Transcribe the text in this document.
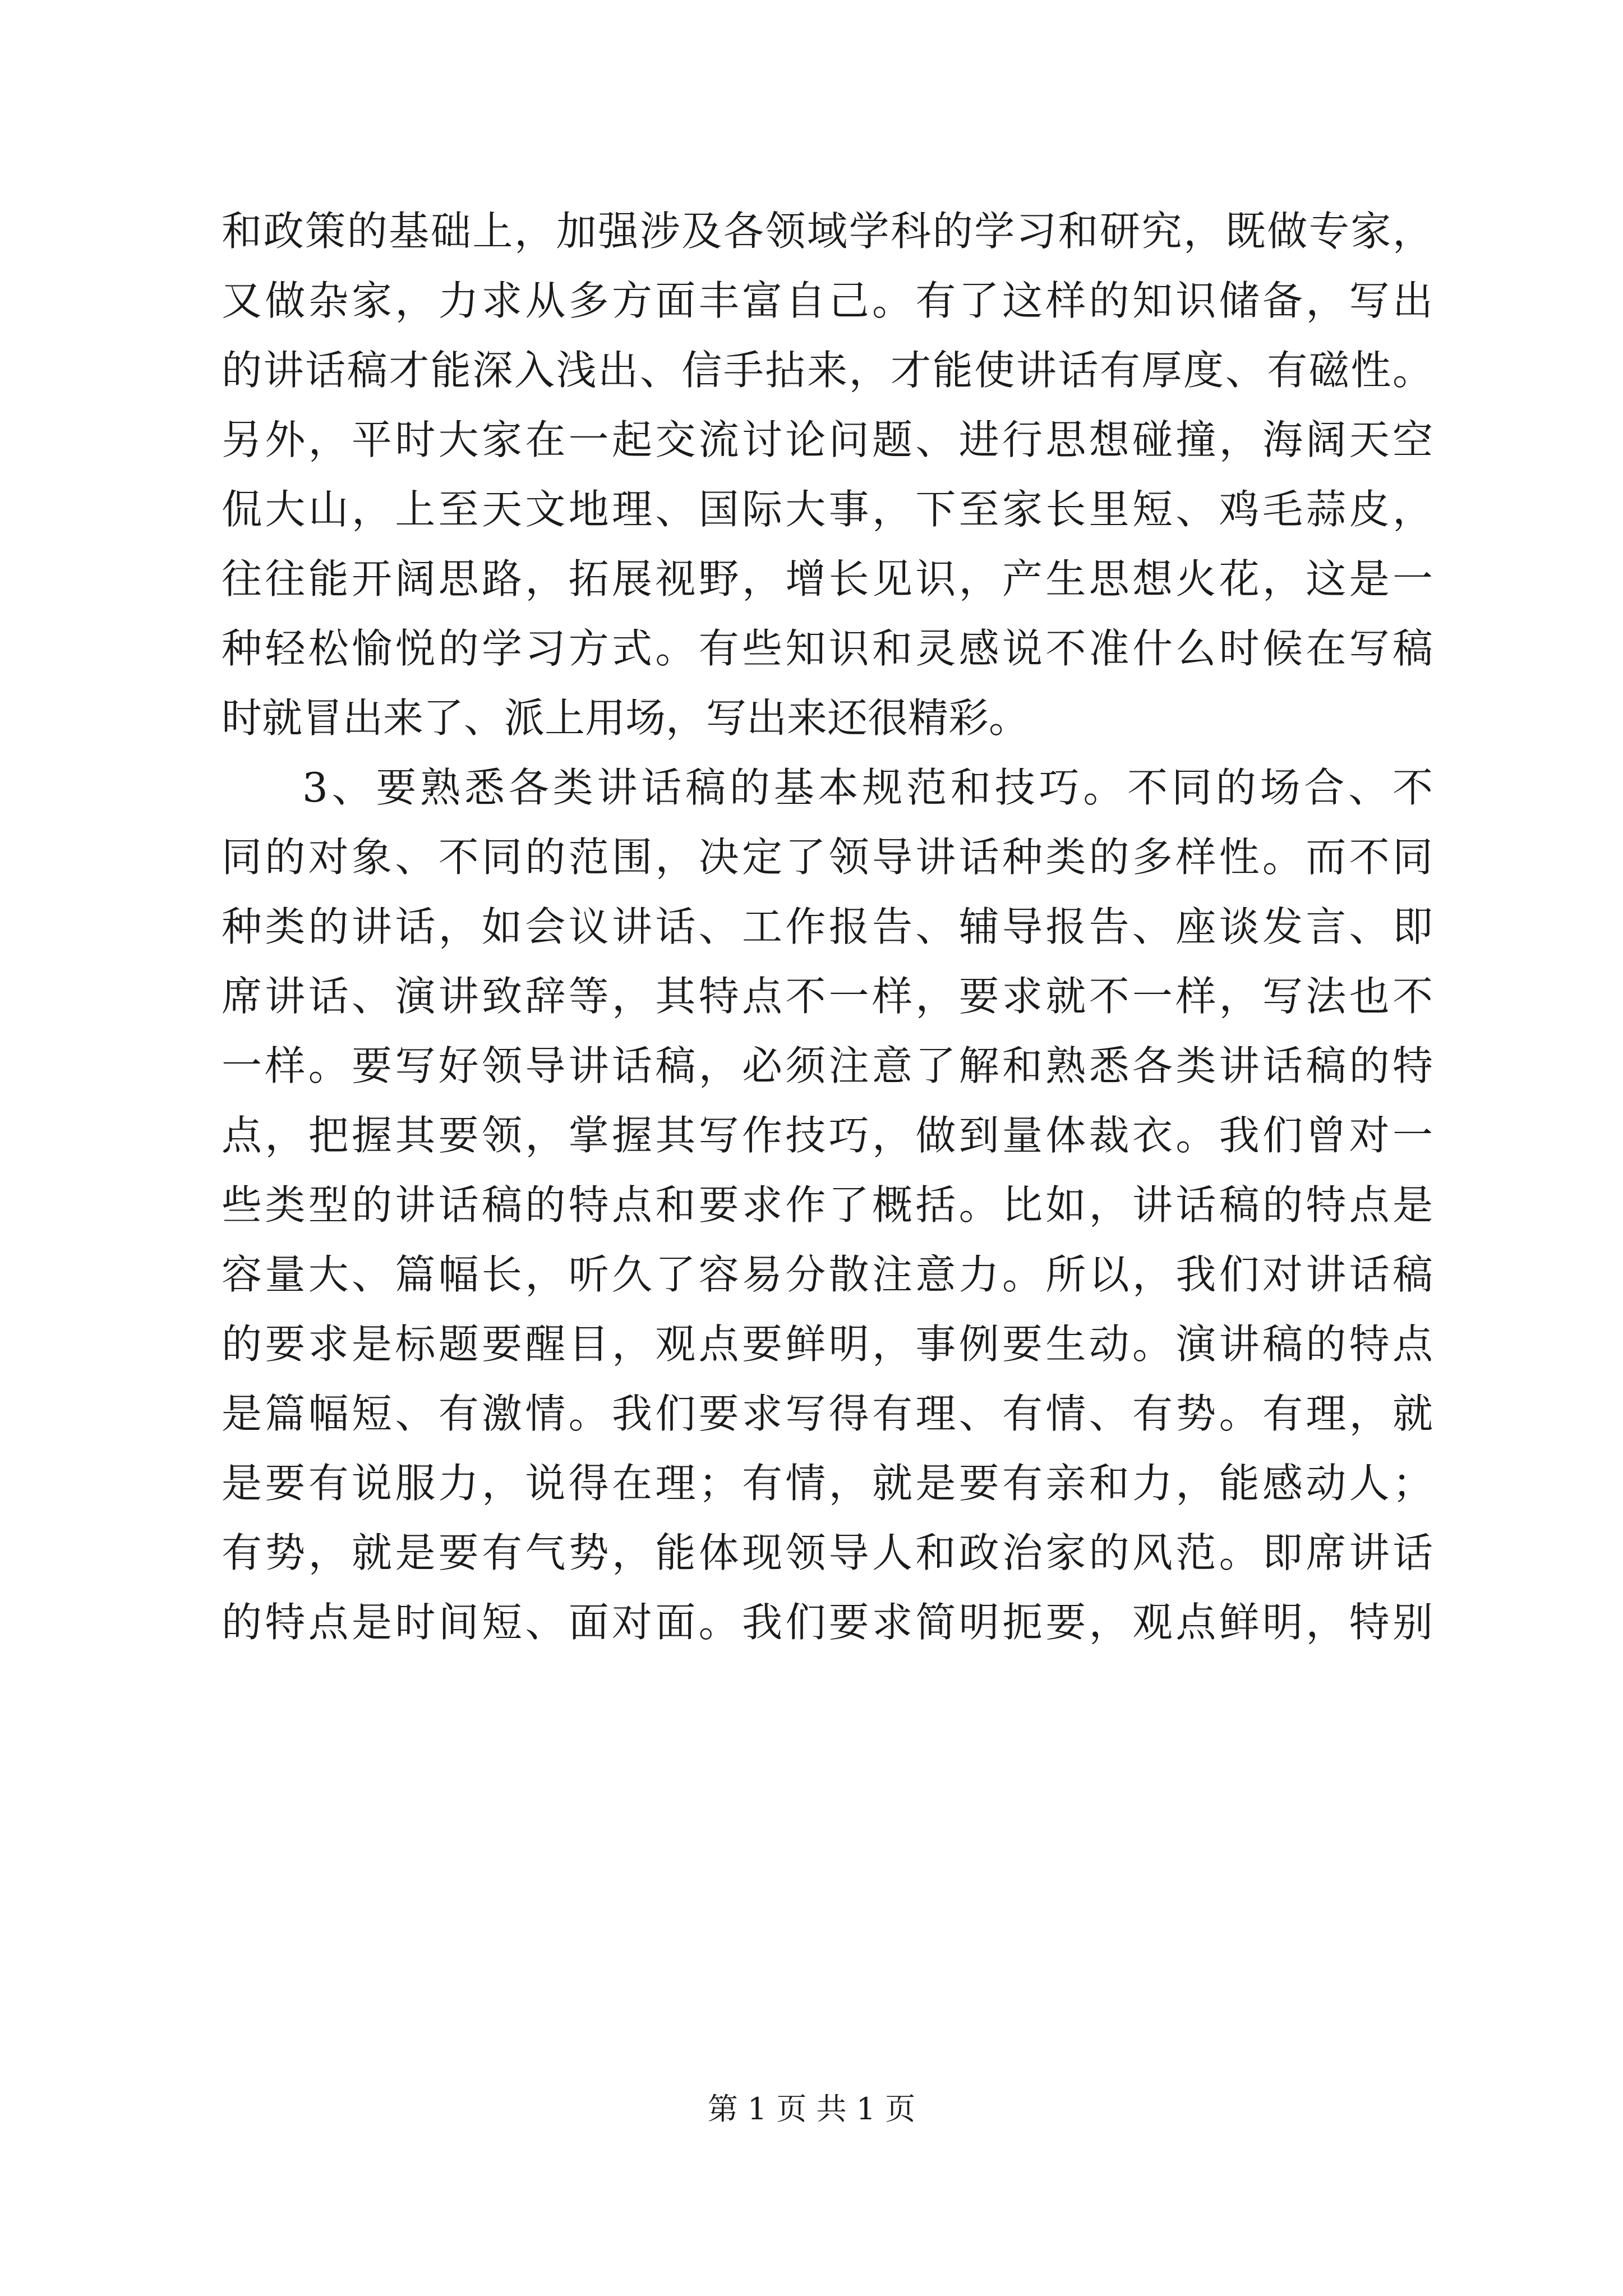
和政策的基础上，加强涉及各领域学科的学习和研究，既做专家，
又做杂家，力求从多方面丰富自己。有了这样的知识储备，写出
的讲话稿才能深入浅出、信手拈来，才能使讲话有厚度、有磁性。
另外，平时大家在一起交流讨论问题、进行思想碰撞，海阔天空
侃大山，上至天文地理、国际大事，下至家长里短、鸡毛蒜皮，
往往能开阔思路，拓展视野，增长见识，产生思想火花，这是一
种轻松愉悦的学习方式。有些知识和灵感说不准什么时候在写稿
时就冒出来了、派上用场，写出来还很精彩。
3、要熟悉各类讲话稿的基本规范和技巧。不同的场合、不
同的对象、不同的范围，决定了领导讲话种类的多样性。而不同
种类的讲话，如会议讲话、工作报告、辅导报告、座谈发言、即
席讲话、演讲致辞等，其特点不一样，要求就不一样，写法也不
一样。要写好领导讲话稿，必须注意了解和熟悉各类讲话稿的特
点，把握其要领，掌握其写作技巧，做到量体裁衣。我们曾对一
些类型的讲话稿的特点和要求作了概括。比如，讲话稿的特点是
容量大、篇幅长，听久了容易分散注意力。所以，我们对讲话稿
的要求是标题要醒目，观点要鲜明，事例要生动。演讲稿的特点
是篇幅短、有激情。我们要求写得有理、有情、有势。有理，就
是要有说服力，说得在理；有情，就是要有亲和力，能感动人；
有势，就是要有气势，能体现领导人和政治家的风范。即席讲话
的特点是时间短、面对面。我们要求简明扼要，观点鲜明，特别
第 1 页 共 1 页
